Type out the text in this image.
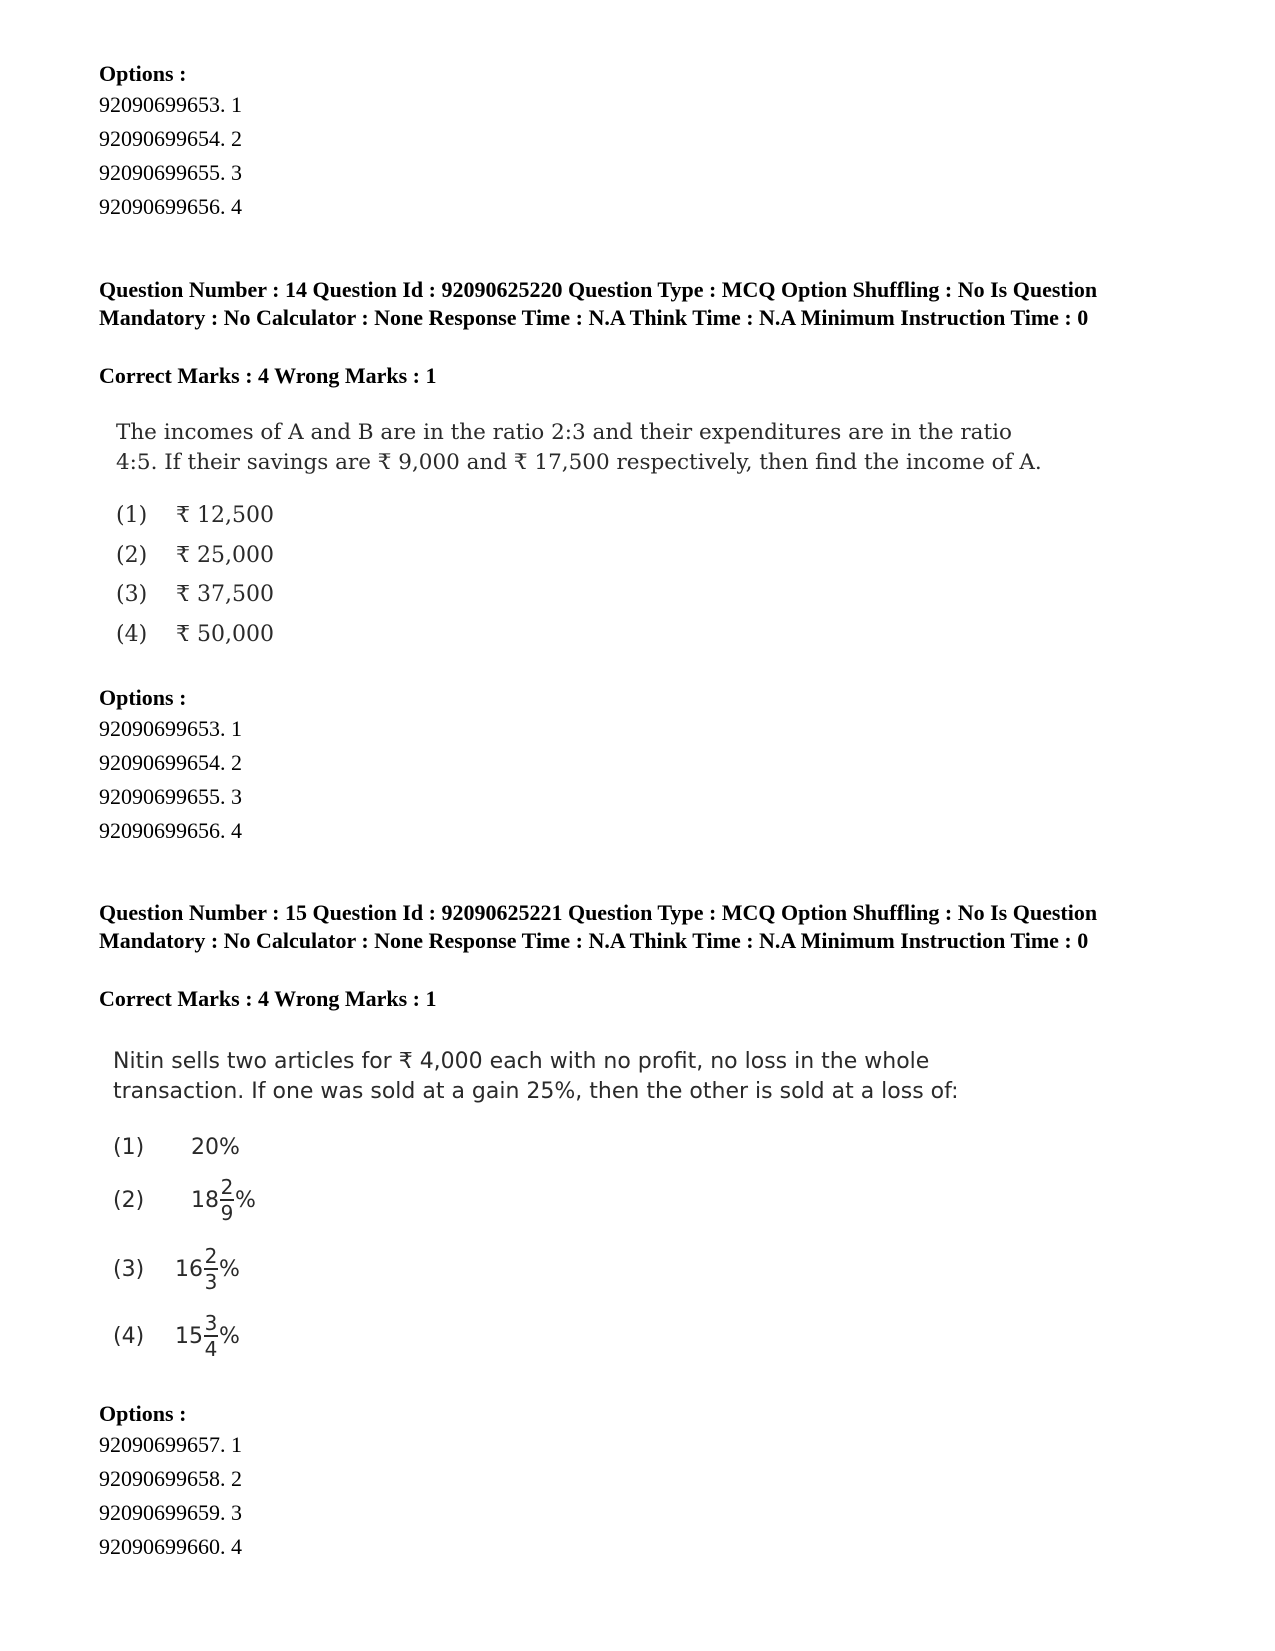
Options :
92090699653. 1
92090699654. 2
92090699655. 3
92090699656. 4
Question Number : 14 Question Id : 92090625220 Question Type : MCQ Option Shuffling : No Is Question Mandatory : No Calculator : None Response Time : N.A Think Time : N.A Minimum Instruction Time : 0
Correct Marks : 4 Wrong Marks : 1
The incomes of A and B are in the ratio 2:3 and their expenditures are in the ratio
4:5. If their savings are ₹ 9,000 and ₹ 17,500 respectively, then find the income of A.
(1) ₹ 12,500
(2) ₹ 25,000
(3) ₹ 37,500
(4) ₹ 50,000
Options :
92090699653. 1
92090699654. 2
92090699655. 3
92090699656. 4
Question Number : 15 Question Id : 92090625221 Question Type : MCQ Option Shuffling : No Is Question Mandatory : No Calculator : None Response Time : N.A Think Time : N.A Minimum Instruction Time : 0
Correct Marks : 4 Wrong Marks : 1
Nitin sells two articles for ₹ 4,000 each with no profit, no loss in the whole
transaction. If one was sold at a gain 25%, then the other is sold at a loss of:
(1)	20%
(2)	$18 \frac{2}{9}$ %
(3)	$16 \frac{2}{3}$ %
(4)	$15 \frac{3}{4}$ %
Options :
92090699657. 1
92090699658. 2
92090699659. 3
92090699660. 4
